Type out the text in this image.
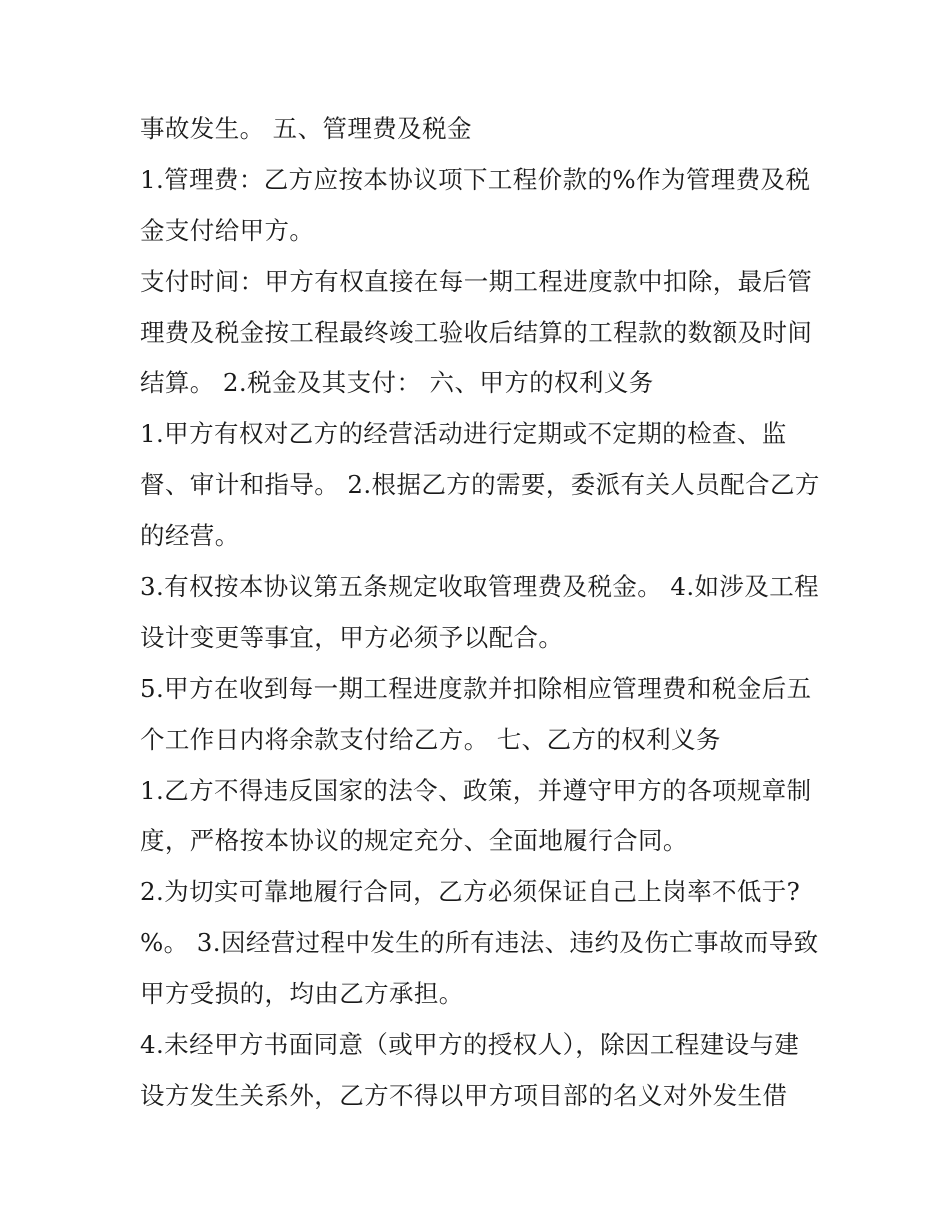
事故发生。 五、管理费及税金
1.管理费：乙方应按本协议项下工程价款的%作为管理费及税
金支付给甲方。
支付时间：甲方有权直接在每一期工程进度款中扣除，最后管
理费及税金按工程最终竣工验收后结算的工程款的数额及时间
结算。 2.税金及其支付： 六、甲方的权利义务
1.甲方有权对乙方的经营活动进行定期或不定期的检查、监
督、审计和指导。 2.根据乙方的需要，委派有关人员配合乙方
的经营。
3.有权按本协议第五条规定收取管理费及税金。 4.如涉及工程
设计变更等事宜，甲方必须予以配合。
5.甲方在收到每一期工程进度款并扣除相应管理费和税金后五
个工作日内将余款支付给乙方。 七、乙方的权利义务
1.乙方不得违反国家的法令、政策，并遵守甲方的各项规章制
度，严格按本协议的规定充分、全面地履行合同。
2.为切实可靠地履行合同，乙方必须保证自己上岗率不低于?
%。 3.因经营过程中发生的所有违法、违约及伤亡事故而导致
甲方受损的，均由乙方承担。
4.未经甲方书面同意（或甲方的授权人），除因工程建设与建
设方发生关系外，乙方不得以甲方项目部的名义对外发生借
